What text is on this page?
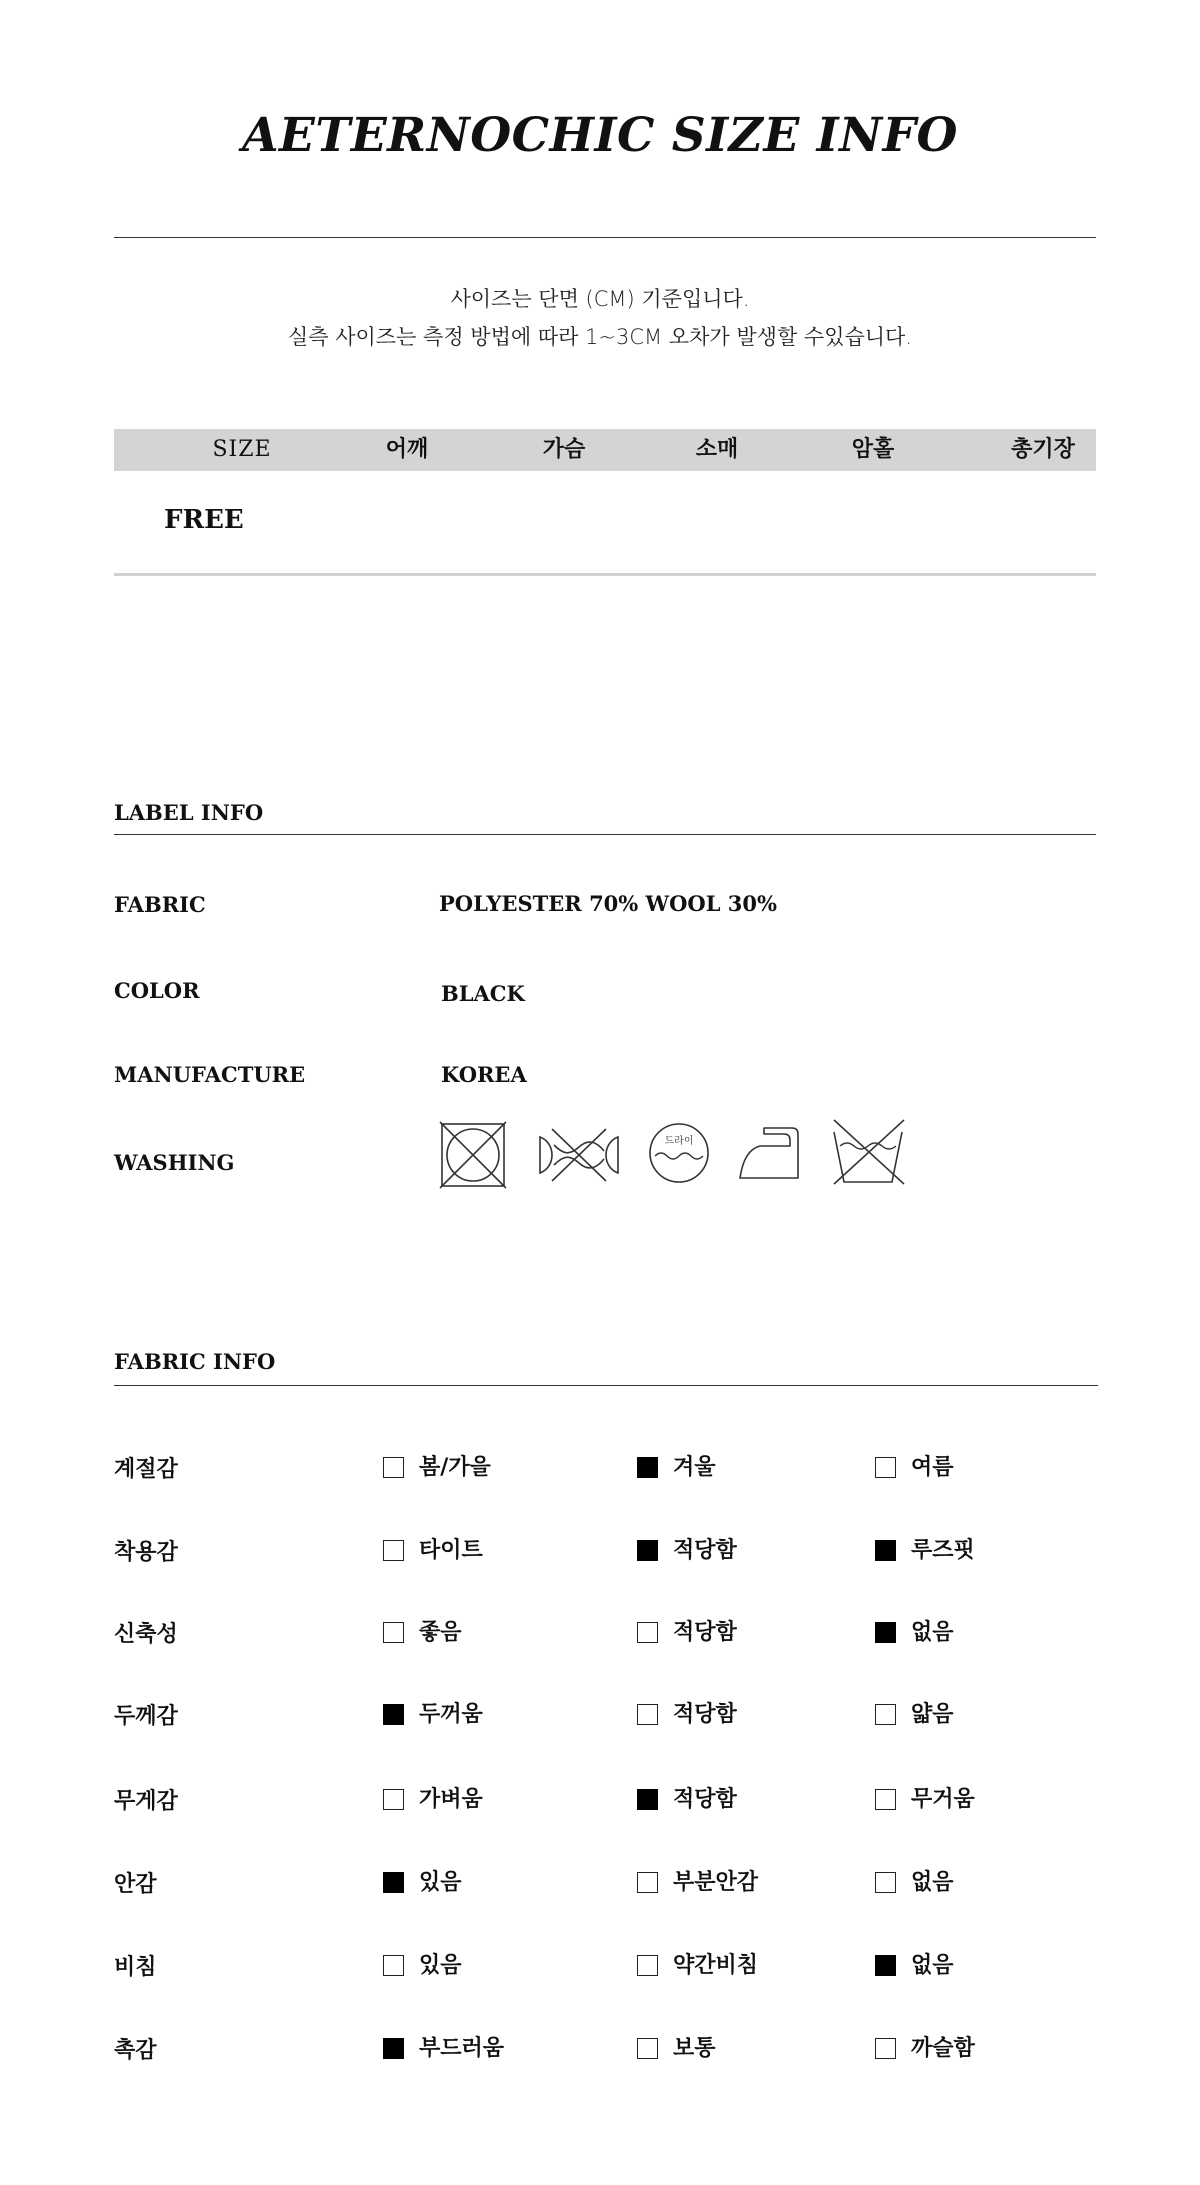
AETERNOCHIC SIZE INFO
사이즈는 단면 (CM) 기준입니다.
실측 사이즈는 측정 방법에 따라 1~3CM 오차가 발생할 수있습니다.
SIZE	어깨	가슴	소매	암홀	총기장
FREE
LABEL INFO
FABRIC	POLYESTER 70% WOOL 30%
COLOR	BLACK
MANUFACTURE	KOREA
WASHING
드라이
FABRIC INFO
계절감	봄/가을	겨울	여름
착용감	타이트	적당함	루즈핏
신축성	좋음	적당함	없음
두께감	두꺼움	적당함	얇음
무게감	가벼움	적당함	무거움
안감	있음	부분안감	없음
비침	있음	약간비침	없음
촉감	부드러움	보통	까슬함
